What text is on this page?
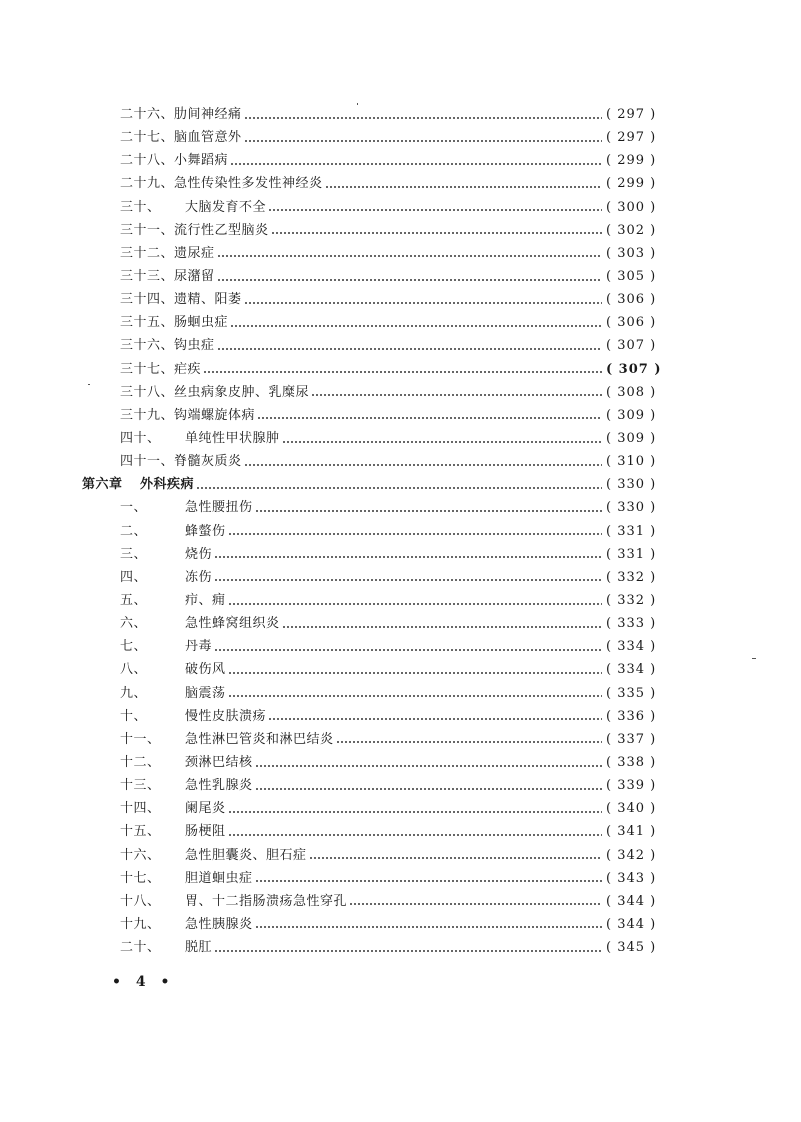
二十六、 肋间神经痛	( 297 )
二十七、 脑血管意外	( 297 )
二十八、 小舞蹈病	( 299 )
二十九、 急性传染性多发性神经炎	( 299 )
三十、	大脑发育不全	( 300 )
三十一、 流行性乙型脑炎	( 302 )
三十二、 遗尿症	( 303 )
三十三、 尿潴留	( 305 )
三十四、 遗精、阳萎	( 306 )
三十五、 肠蛔虫症	( 306 )
三十六、 钩虫症	( 307 )
三十七、 疟疾	( 307 )
三十八、 丝虫病象皮肿、乳糜尿	( 308 )
三十九、 钩端螺旋体病	( 309 )
四十、	单纯性甲状腺肿	( 309 )
四十一、 脊髓灰质炎	( 310 )
第六章 外科疾病	( 330 )
一、	急性腰扭伤	( 330 )
二、	蜂螫伤	( 331 )
三、	烧伤	( 331 )
四、	冻伤	( 332 )
五、	疖、痈	( 332 )
六、	急性蜂窝组织炎	( 333 )
七、	丹毒	( 334 )
八、	破伤风	( 334 )
九、	脑震荡	( 335 )
十、	慢性皮肤溃疡	( 336 )
十一、	急性淋巴管炎和淋巴结炎	( 337 )
十二、	颈淋巴结核	( 338 )
十三、	急性乳腺炎	( 339 )
十四、	阑尾炎	( 340 )
十五、	肠梗阻	( 341 )
十六、	急性胆囊炎、胆石症	( 342 )
十七、	胆道蛔虫症	( 343 )
十八、	胃、十二指肠溃疡急性穿孔	( 344 )
十九、	急性胰腺炎	( 344 )
二十、	脱肛	( 345 )
• 4 •
